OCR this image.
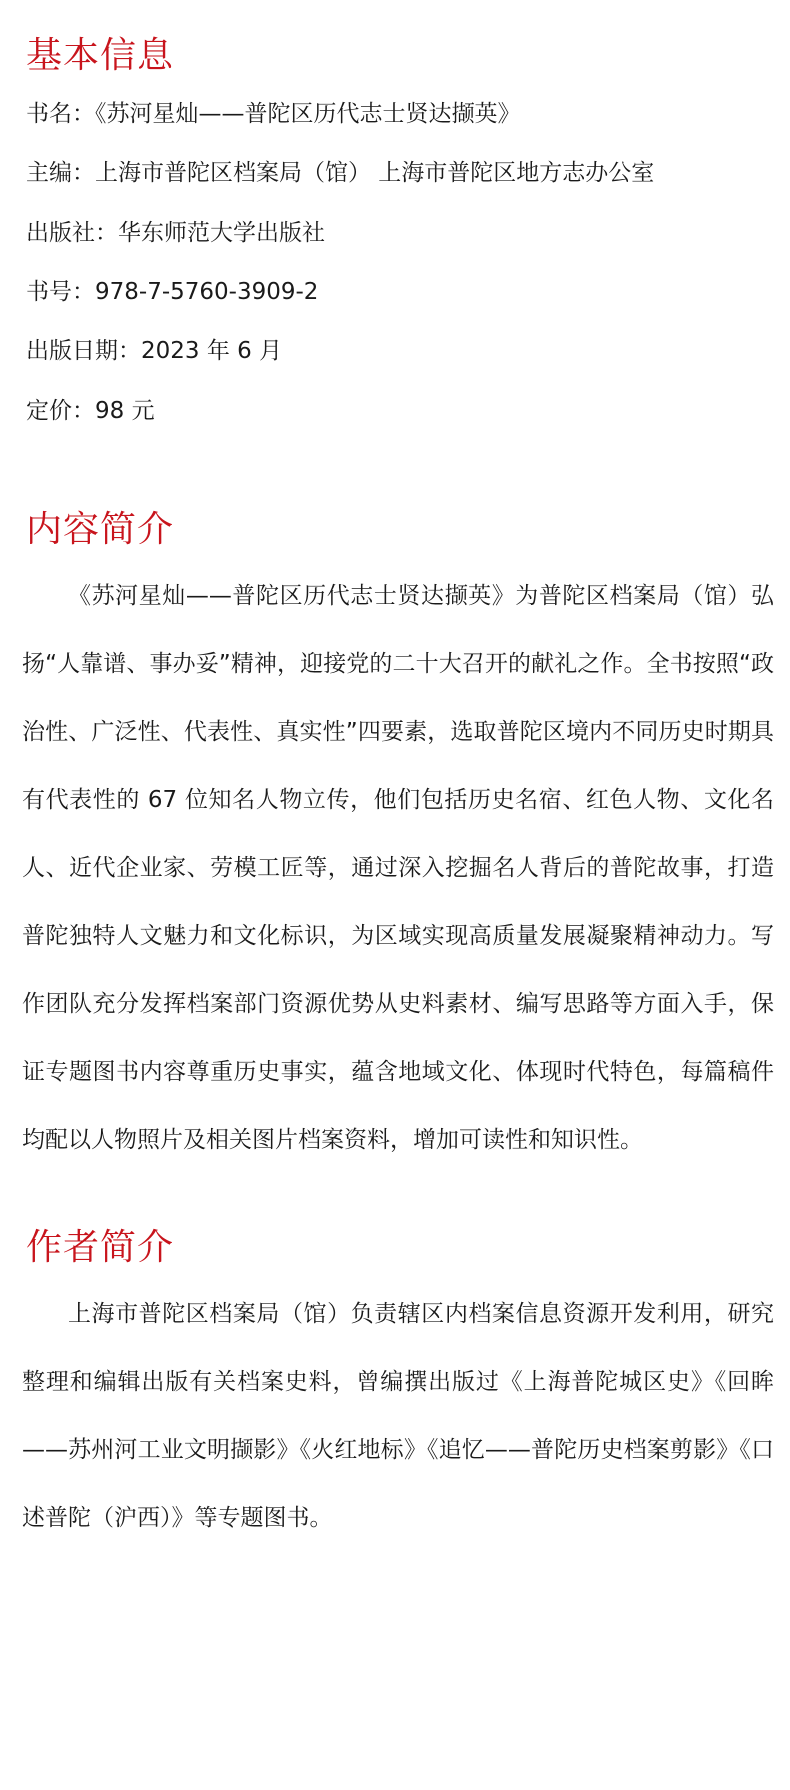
基本信息

书名：《苏河星灿——普陀区历代志士贤达撷英》

主编：上海市普陀区档案局（馆） 上海市普陀区地方志办公室

出版社：华东师范大学出版社

书号：978-7-5760-3909-2

出版日期：2023 年 6 月

定价：98 元

内容简介

《苏河星灿——普陀区历代志士贤达撷英》为普陀区档案局（馆）弘扬“人靠谱、事办妥”精神，迎接党的二十大召开的献礼之作。全书按照“政治性、广泛性、代表性、真实性”四要素，选取普陀区境内不同历史时期具有代表性的 67 位知名人物立传，他们包括历史名宿、红色人物、文化名人、近代企业家、劳模工匠等，通过深入挖掘名人背后的普陀故事，打造普陀独特人文魅力和文化标识，为区域实现高质量发展凝聚精神动力。写作团队充分发挥档案部门资源优势从史料素材、编写思路等方面入手，保证专题图书内容尊重历史事实，蕴含地域文化、体现时代特色，每篇稿件均配以人物照片及相关图片档案资料，增加可读性和知识性。

作者简介

上海市普陀区档案局（馆）负责辖区内档案信息资源开发利用，研究整理和编辑出版有关档案史料，曾编撰出版过《上海普陀城区史》《回眸——苏州河工业文明撷影》《火红地标》《追忆——普陀历史档案剪影》《口述普陀（沪西）》等专题图书。
